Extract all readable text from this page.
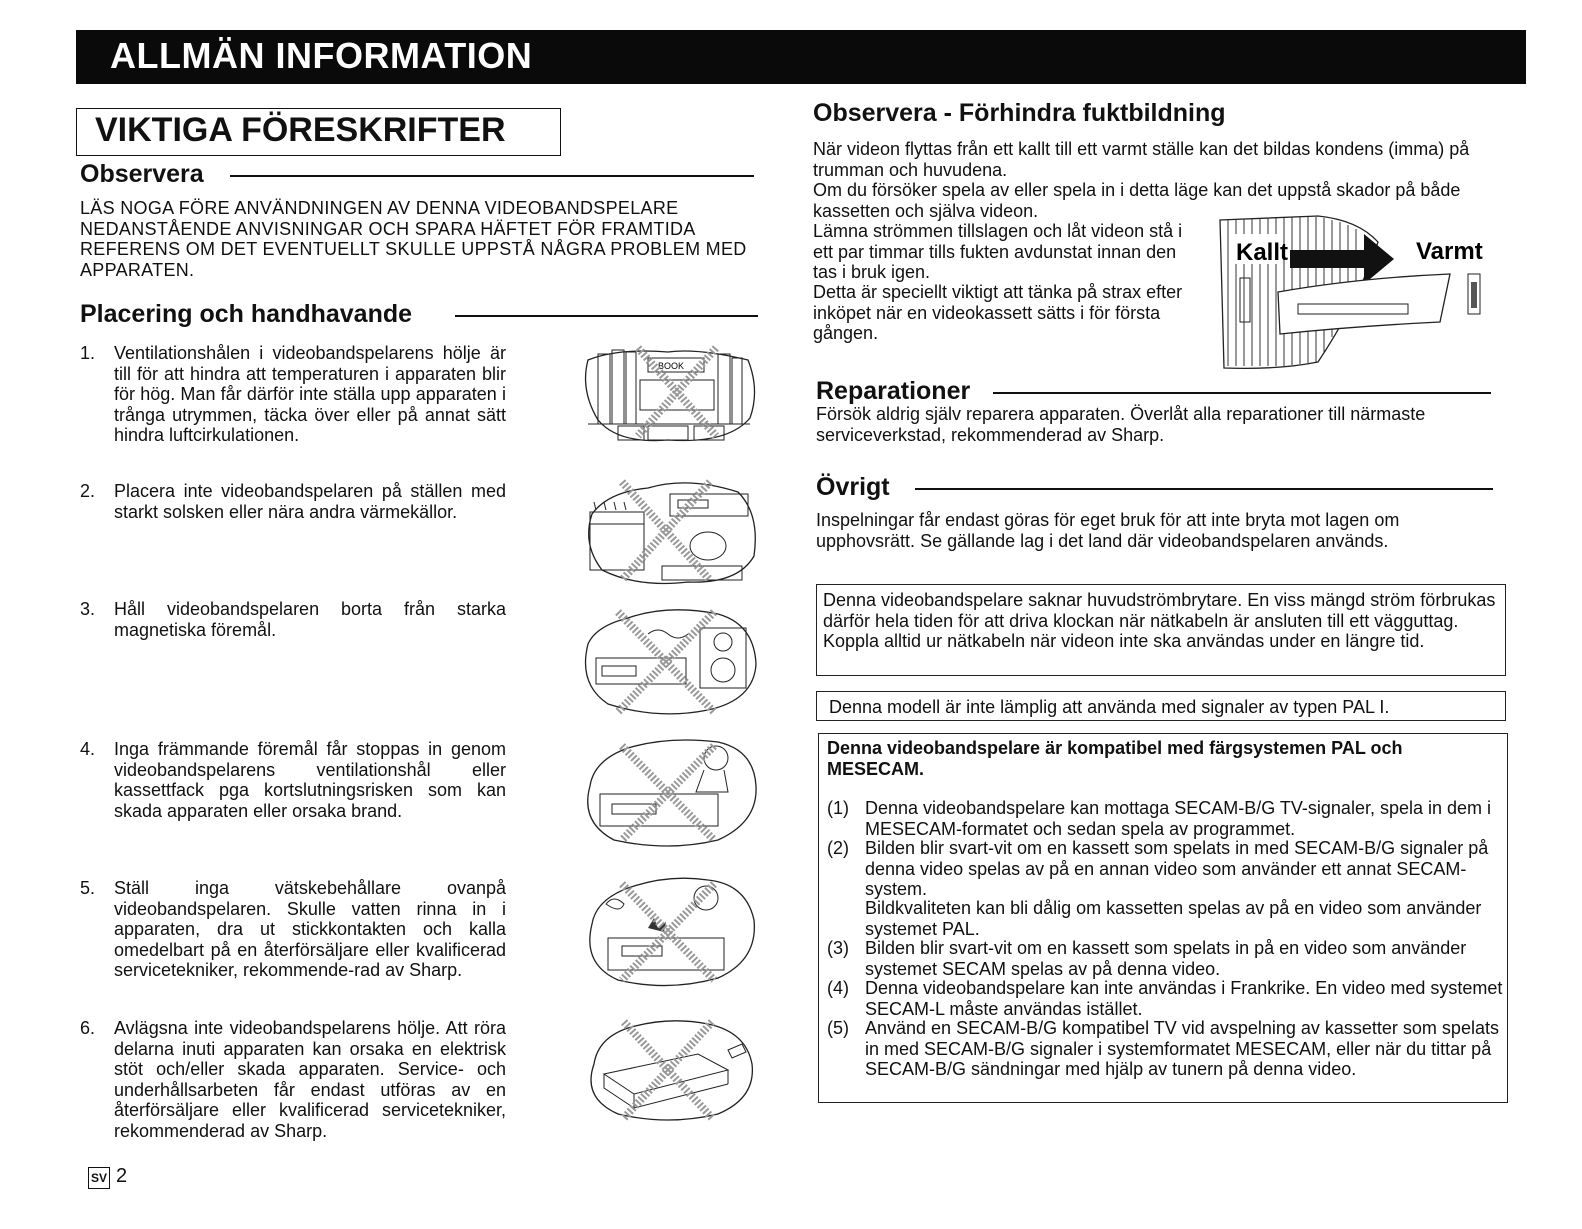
ALLMÄN INFORMATION
VIKTIGA FÖRESKRIFTER
Observera
LÄS NOGA FÖRE ANVÄNDNINGEN AV DENNA VIDEOBANDSPELARE NEDANSTÅENDE ANVISNINGAR OCH SPARA HÄFTET FÖR FRAMTIDA REFERENS OM DET EVENTUELLT SKULLE UPPSTÅ NÅGRA PROBLEM MED APPARATEN.
Placering och handhavande
1. Ventilationshålen i videobandspelarens hölje är till för att hindra att temperaturen i apparaten blir för hög. Man får därför inte ställa upp apparaten i trånga utrymmen, täcka över eller på annat sätt hindra luftcirkulationen.
BOOK
2. Placera inte videobandspelaren på ställen med starkt solsken eller nära andra värmekällor.
3. Håll videobandspelaren borta från starka magnetiska föremål.
4. Inga främmande föremål får stoppas in genom videobandspelarens ventilationshål eller kassettfack pga kortslutningsrisken som kan skada apparaten eller orsaka brand.
5. Ställ inga vätskebehållare ovanpå videobandspelaren. Skulle vatten rinna in i apparaten, dra ut stickkontakten och kalla omedelbart på en återförsäljare eller kvalificerad servicetekniker, rekommende-rad av Sharp.
6. Avlägsna inte videobandspelarens hölje. Att röra delarna inuti apparaten kan orsaka en elektrisk stöt och/eller skada apparaten. Service- och underhållsarbeten får endast utföras av en återförsäljare eller kvalificerad servicetekniker, rekommenderad av Sharp.
Observera - Förhindra fuktbildning
När videon flyttas från ett kallt till ett varmt ställe kan det bildas kondens (imma) på trumman och huvudena.
Om du försöker spela av eller spela in i detta läge kan det uppstå skador på både kassetten och själva videon.
Lämna strömmen tillslagen och låt videon stå i ett par timmar tills fukten avdunstat innan den tas i bruk igen.
Detta är speciellt viktigt att tänka på strax efter inköpet när en videokassett sätts i för första gången.
Kallt	Varmt
Reparationer
Försök aldrig själv reparera apparaten. Överlåt alla reparationer till närmaste serviceverkstad, rekommenderad av Sharp.
Övrigt
Inspelningar får endast göras för eget bruk för att inte bryta mot lagen om upphovsrätt. Se gällande lag i det land där videobandspelaren används.
Denna videobandspelare saknar huvudströmbrytare. En viss mängd ström förbrukas därför hela tiden för att driva klockan när nätkabeln är ansluten till ett vägguttag. Koppla alltid ur nätkabeln när videon inte ska användas under en längre tid.
Denna modell är inte lämplig att använda med signaler av typen PAL I.
Denna videobandspelare är kompatibel med färgsystemen PAL och MESECAM.
(1) Denna videobandspelare kan mottaga SECAM-B/G TV-signaler, spela in dem i MESECAM-formatet och sedan spela av programmet.
(2) Bilden blir svart-vit om en kassett som spelats in med SECAM-B/G signaler på denna video spelas av på en annan video som använder ett annat SECAM-system.
Bildkvaliteten kan bli dålig om kassetten spelas av på en video som använder systemet PAL.
(3) Bilden blir svart-vit om en kassett som spelats in på en video som använder systemet SECAM spelas av på denna video.
(4) Denna videobandspelare kan inte användas i Frankrike. En video med systemet SECAM-L måste användas istället.
(5) Använd en SECAM-B/G kompatibel TV vid avspelning av kassetter som spelats in med SECAM-B/G signaler i systemformatet MESECAM, eller när du tittar på SECAM-B/G sändningar med hjälp av tunern på denna video.
SV 2
